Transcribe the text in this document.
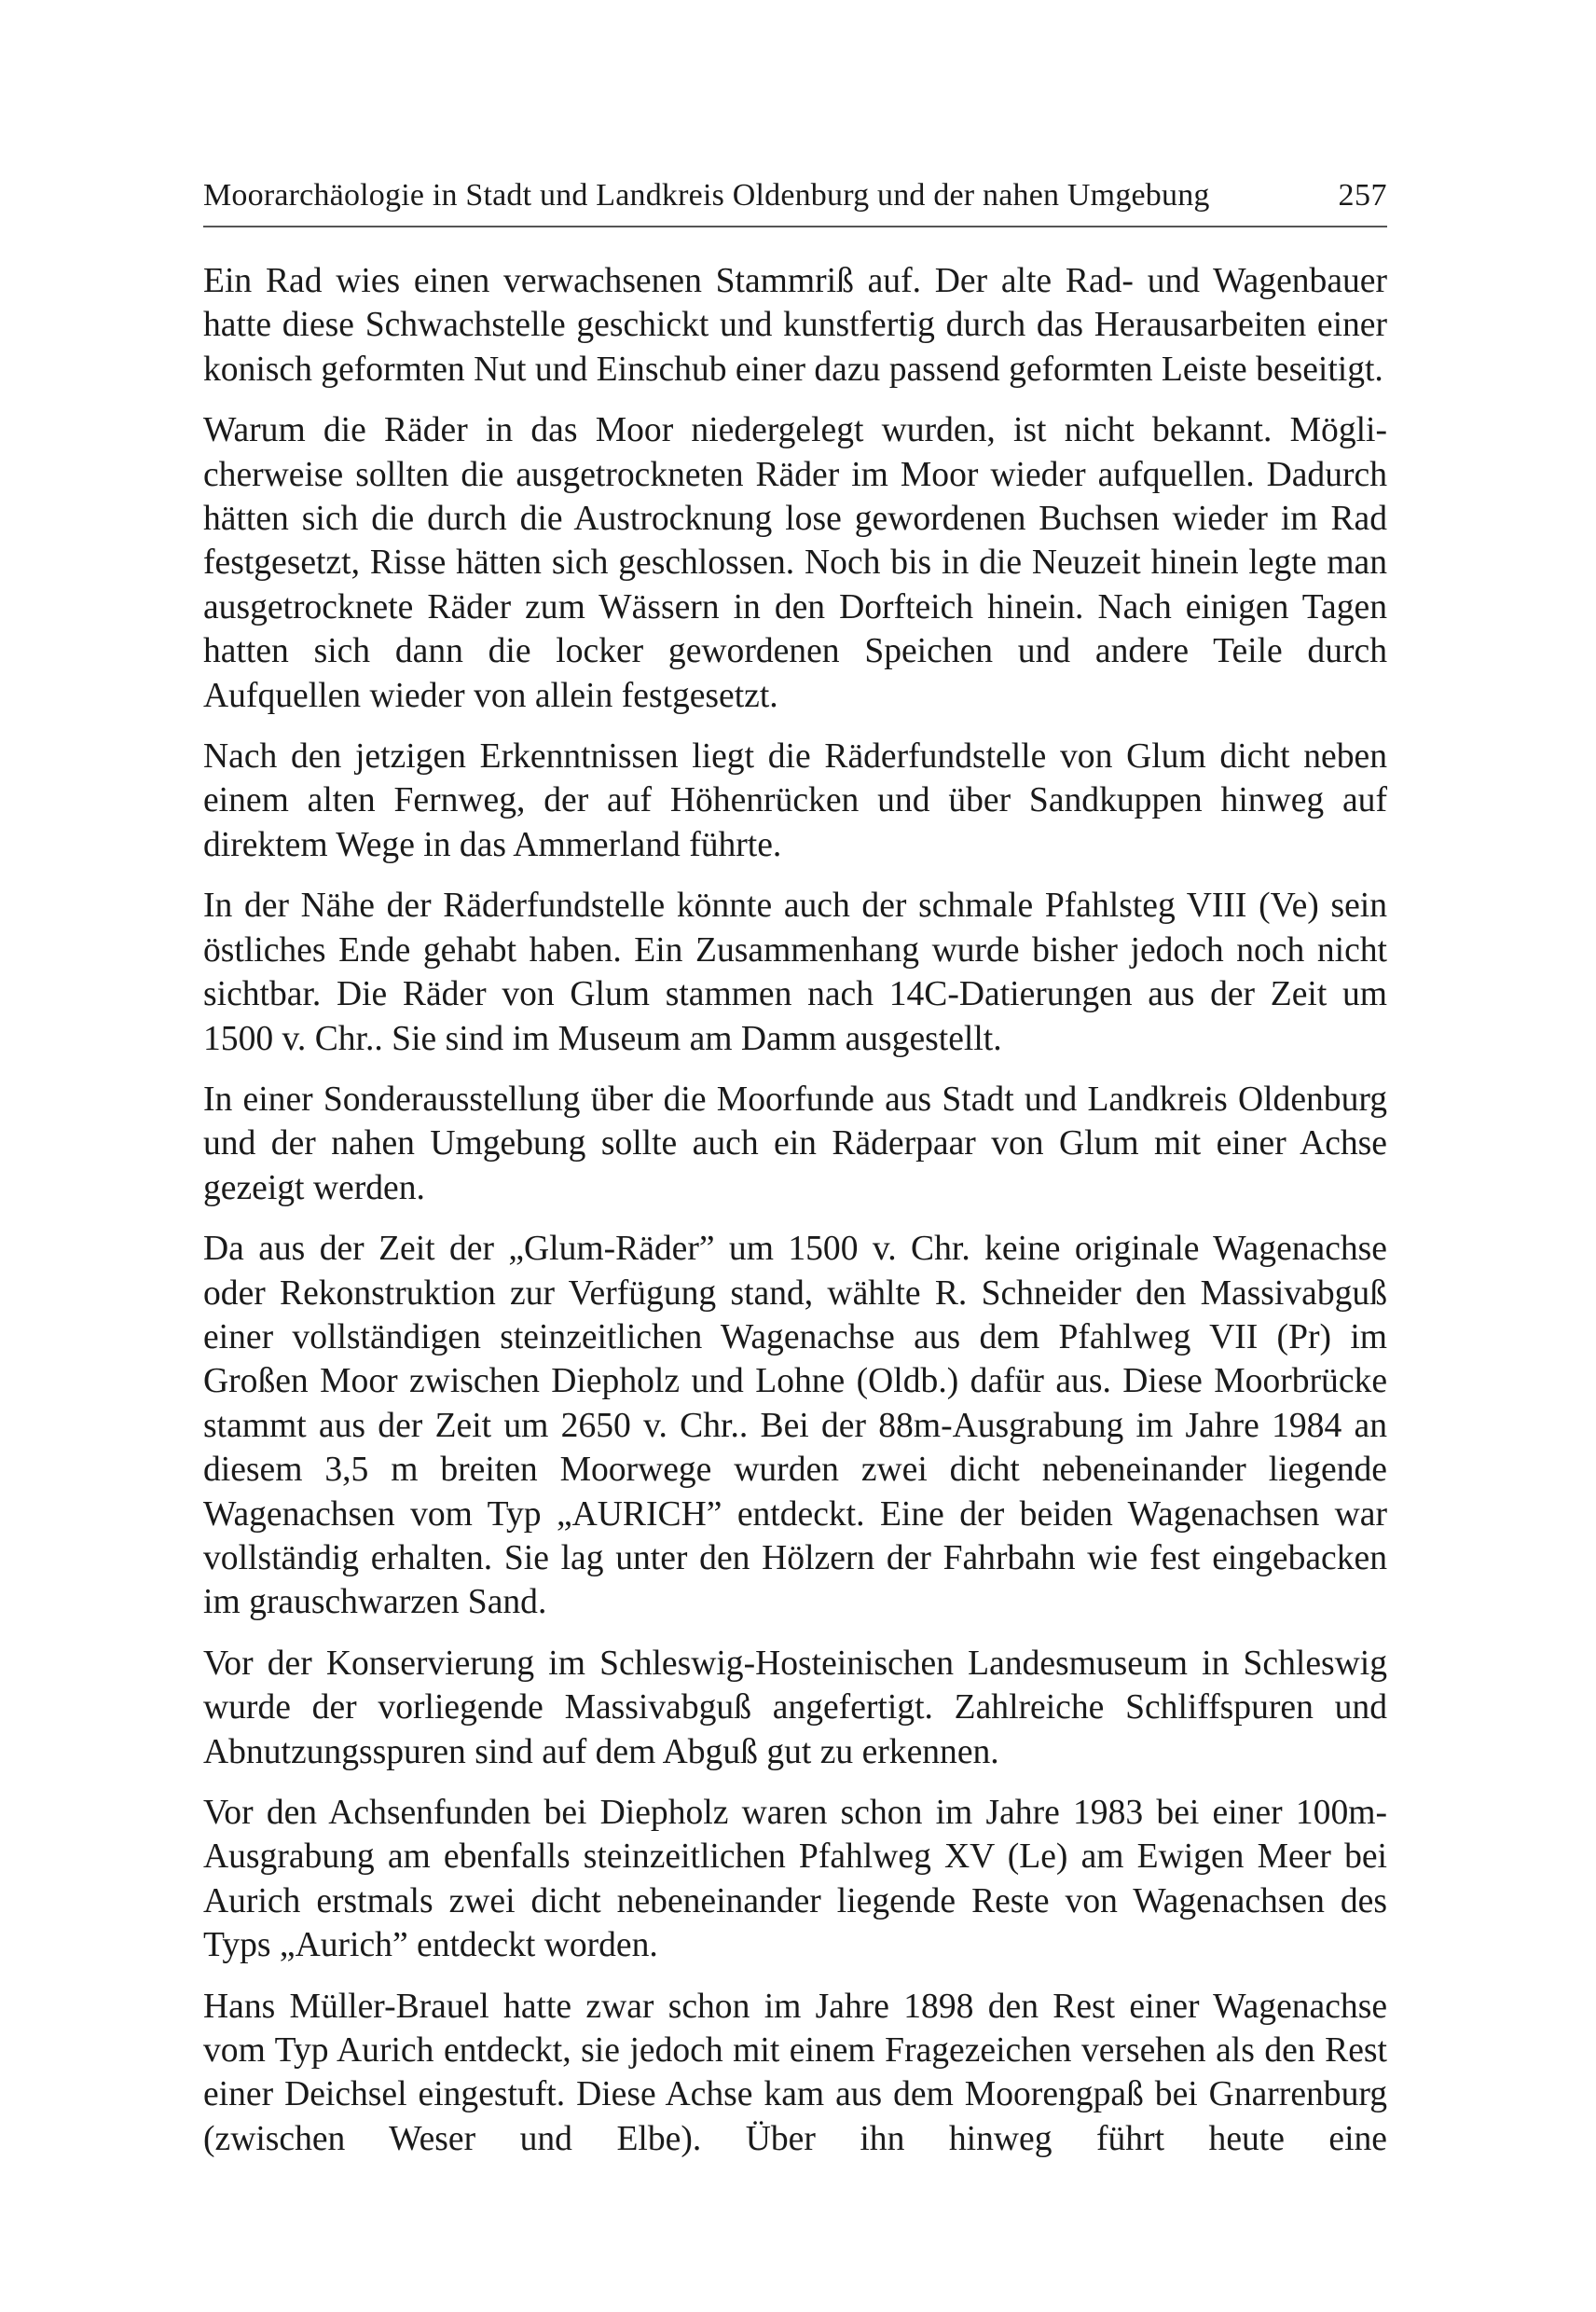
Moorarchäologie in Stadt und Landkreis Oldenburg und der nahen Umgebung	257

Ein Rad wies einen verwachsenen Stammriß auf. Der alte Rad- und Wagenbauer hatte diese Schwachstelle geschickt und kunstfertig durch das Herausarbeiten einer konisch geformten Nut und Einschub einer dazu passend geformten Leiste beseitigt.

Warum die Räder in das Moor niedergelegt wurden, ist nicht bekannt. Möglicherweise sollten die ausgetrockneten Räder im Moor wieder aufquellen. Dadurch hätten sich die durch die Austrocknung lose gewordenen Buchsen wieder im Rad festgesetzt, Risse hätten sich geschlossen. Noch bis in die Neuzeit hinein legte man ausgetrocknete Räder zum Wässern in den Dorfteich hinein. Nach einigen Tagen hatten sich dann die locker gewordenen Speichen und andere Teile durch Aufquellen wieder von allein festgesetzt.

Nach den jetzigen Erkenntnissen liegt die Räderfundstelle von Glum dicht neben einem alten Fernweg, der auf Höhenrücken und über Sandkuppen hinweg auf direktem Wege in das Ammerland führte.

In der Nähe der Räderfundstelle könnte auch der schmale Pfahlsteg VIII (Ve) sein östliches Ende gehabt haben. Ein Zusammenhang wurde bisher jedoch noch nicht sichtbar. Die Räder von Glum stammen nach 14C-Datierungen aus der Zeit um 1500 v. Chr.. Sie sind im Museum am Damm ausgestellt.

In einer Sonderausstellung über die Moorfunde aus Stadt und Landkreis Oldenburg und der nahen Umgebung sollte auch ein Räderpaar von Glum mit einer Achse gezeigt werden.

Da aus der Zeit der „Glum-Räder” um 1500 v. Chr. keine originale Wagenachse oder Rekonstruktion zur Verfügung stand, wählte R. Schneider den Massivabguß einer vollständigen steinzeitlichen Wagenachse aus dem Pfahlweg VII (Pr) im Großen Moor zwischen Diepholz und Lohne (Oldb.) dafür aus. Diese Moorbrücke stammt aus der Zeit um 2650 v. Chr.. Bei der 88m-Ausgrabung im Jahre 1984 an diesem 3,5 m breiten Moorwege wurden zwei dicht nebeneinander liegende Wagenachsen vom Typ „AURICH” entdeckt. Eine der beiden Wagenachsen war vollständig erhalten. Sie lag unter den Hölzern der Fahrbahn wie fest eingebacken im grauschwarzen Sand.

Vor der Konservierung im Schleswig-Hosteinischen Landesmuseum in Schleswig wurde der vorliegende Massivabguß angefertigt. Zahlreiche Schliffspuren und Abnutzungsspuren sind auf dem Abguß gut zu erkennen.

Vor den Achsenfunden bei Diepholz waren schon im Jahre 1983 bei einer 100m-Ausgrabung am ebenfalls steinzeitlichen Pfahlweg XV (Le) am Ewigen Meer bei Aurich erstmals zwei dicht nebeneinander liegende Reste von Wagenachsen des Typs „Aurich” entdeckt worden.

Hans Müller-Brauel hatte zwar schon im Jahre 1898 den Rest einer Wagenachse vom Typ Aurich entdeckt, sie jedoch mit einem Fragezeichen versehen als den Rest einer Deichsel eingestuft. Diese Achse kam aus dem Moorengpaß bei Gnarrenburg (zwischen Weser und Elbe). Über ihn hinweg führt heute eine
